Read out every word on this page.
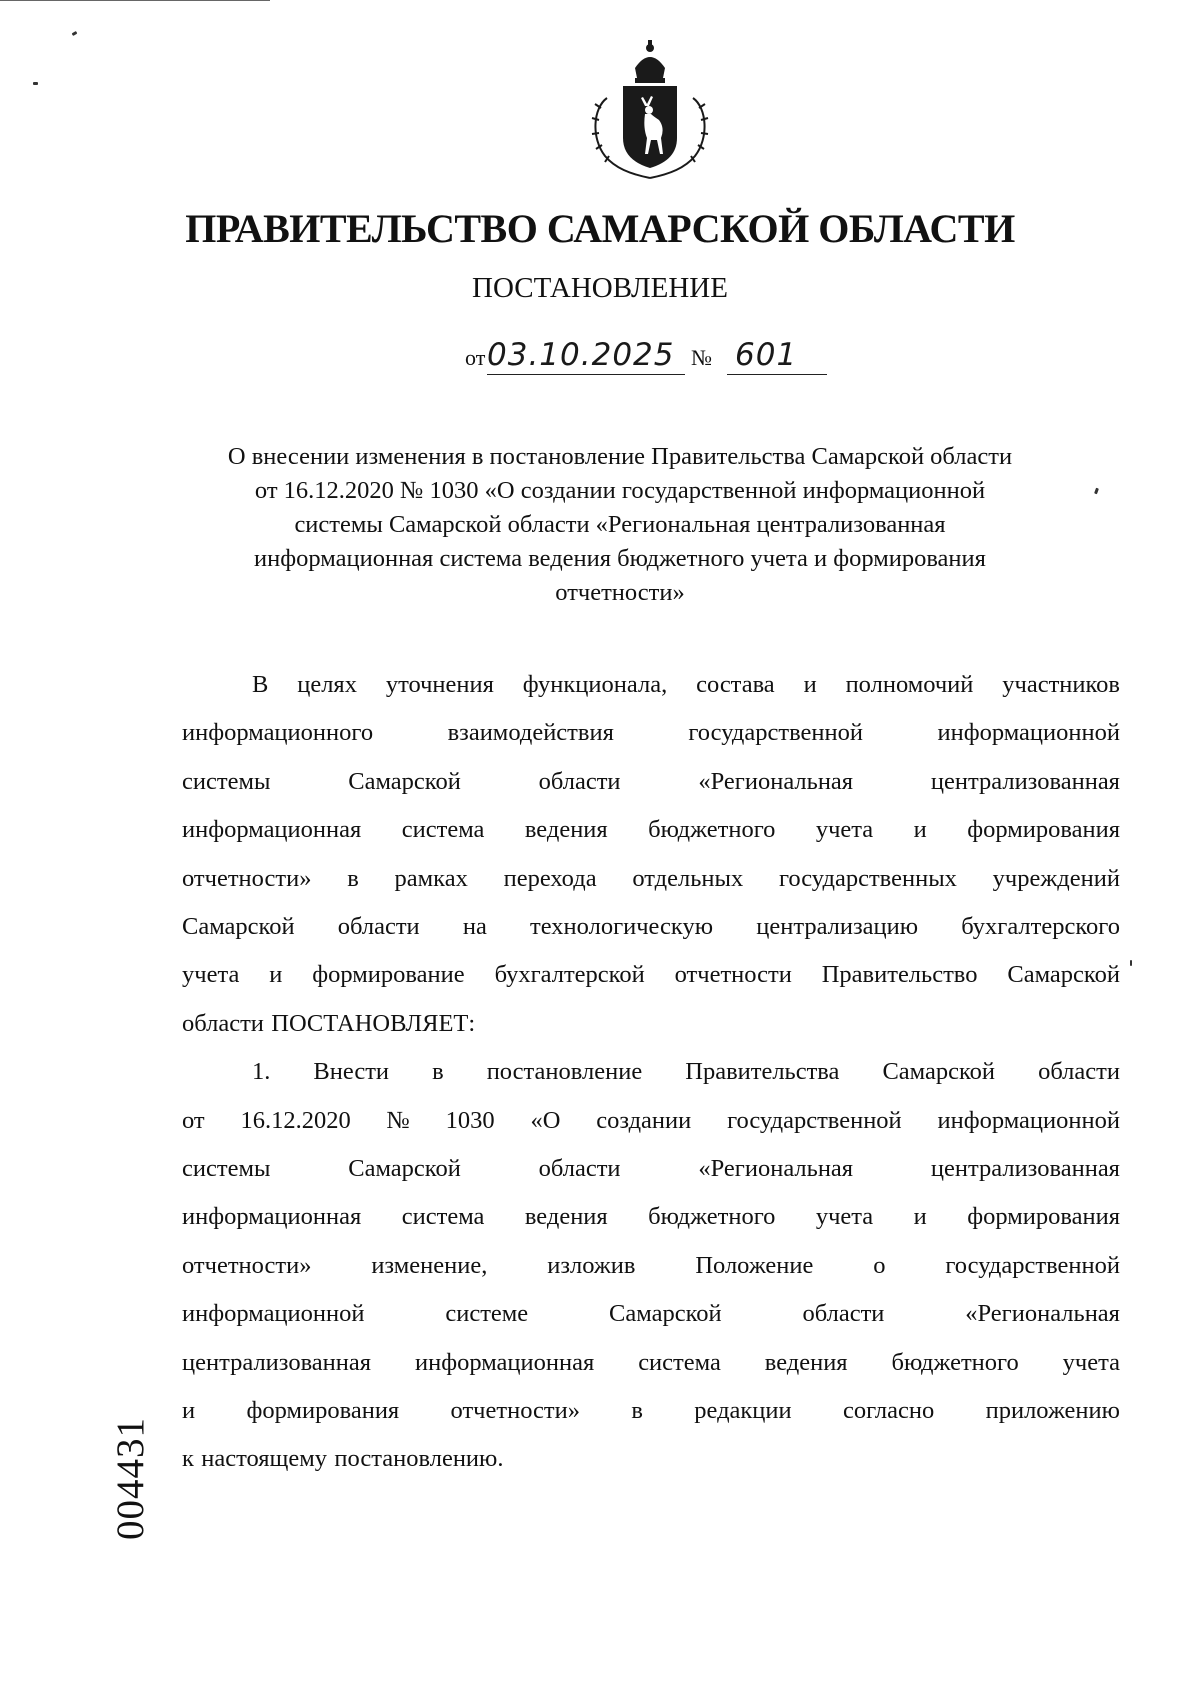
ПРАВИТЕЛЬСТВО САМАРСКОЙ ОБЛАСТИ
ПОСТАНОВЛЕНИЕ
от 03.10.2025 № 601
О внесении изменения в постановление Правительства Самарской области
от 16.12.2020 № 1030 «О создании государственной информационной
системы Самарской области «Региональная централизованная
информационная система ведения бюджетного учета и формирования
отчетности»
В целях уточнения функционала, состава и полномочий участников
информационного	взаимодействия	государственной	информационной
системы	Самарской	области	«Региональная	централизованная
информационная система ведения бюджетного учета и формирования
отчетности» в рамках перехода отдельных государственных учреждений
Самарской области на технологическую централизацию бухгалтерского
учета и формирование бухгалтерской отчетности Правительство Самарской
области ПОСТАНОВЛЯЕТ:
1. Внести в постановление Правительства Самарской области
от 16.12.2020 № 1030 «О создании государственной информационной
системы	Самарской	области	«Региональная	централизованная
информационная система ведения бюджетного учета и формирования
отчетности» изменение, изложив Положение о государственной
информационной	системе	Самарской	области	«Региональная
централизованная информационная система ведения бюджетного учета
и формирования отчетности» в редакции согласно приложению
к настоящему постановлению.
004431
